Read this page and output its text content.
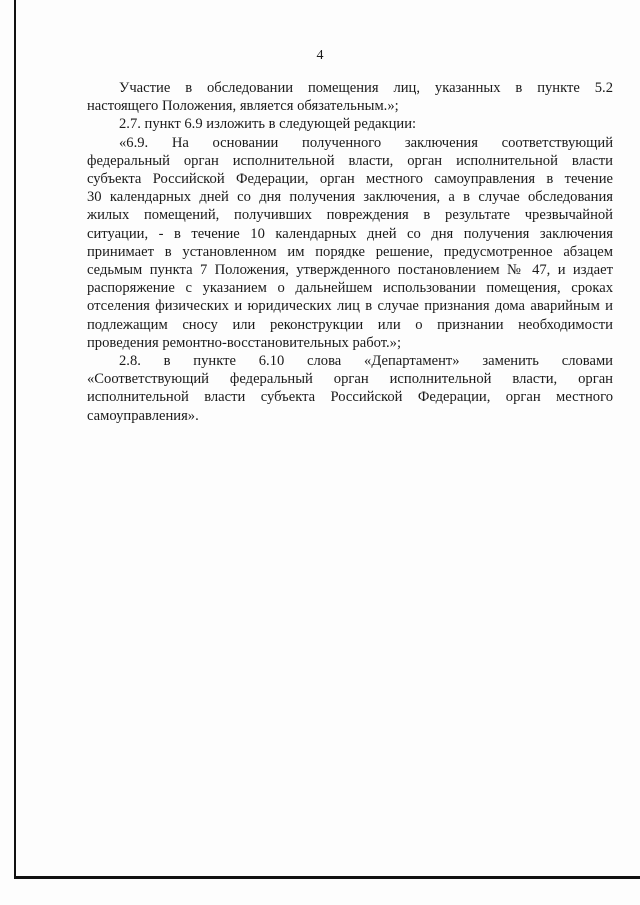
4
Участие в обследовании помещения лиц, указанных в пункте 5.2
настоящего Положения, является обязательным.»;
2.7. пункт 6.9 изложить в следующей редакции:
«6.9. На основании полученного заключения соответствующий
федеральный орган исполнительной власти, орган исполнительной власти
субъекта Российской Федерации, орган местного самоуправления в течение
30 календарных дней со дня получения заключения, а в случае обследования
жилых помещений, получивших повреждения в результате чрезвычайной
ситуации, - в течение 10 календарных дней со дня получения заключения
принимает в установленном им порядке решение, предусмотренное абзацем
седьмым пункта 7 Положения, утвержденного постановлением № 47, и издает
распоряжение с указанием о дальнейшем использовании помещения, сроках
отселения физических и юридических лиц в случае признания дома аварийным и
подлежащим сносу или реконструкции или о признании необходимости
проведения ремонтно-восстановительных работ.»;
2.8. в пункте 6.10 слова «Департамент» заменить словами
«Соответствующий федеральный орган исполнительной власти, орган
исполнительной власти субъекта Российской Федерации, орган местного
самоуправления».
